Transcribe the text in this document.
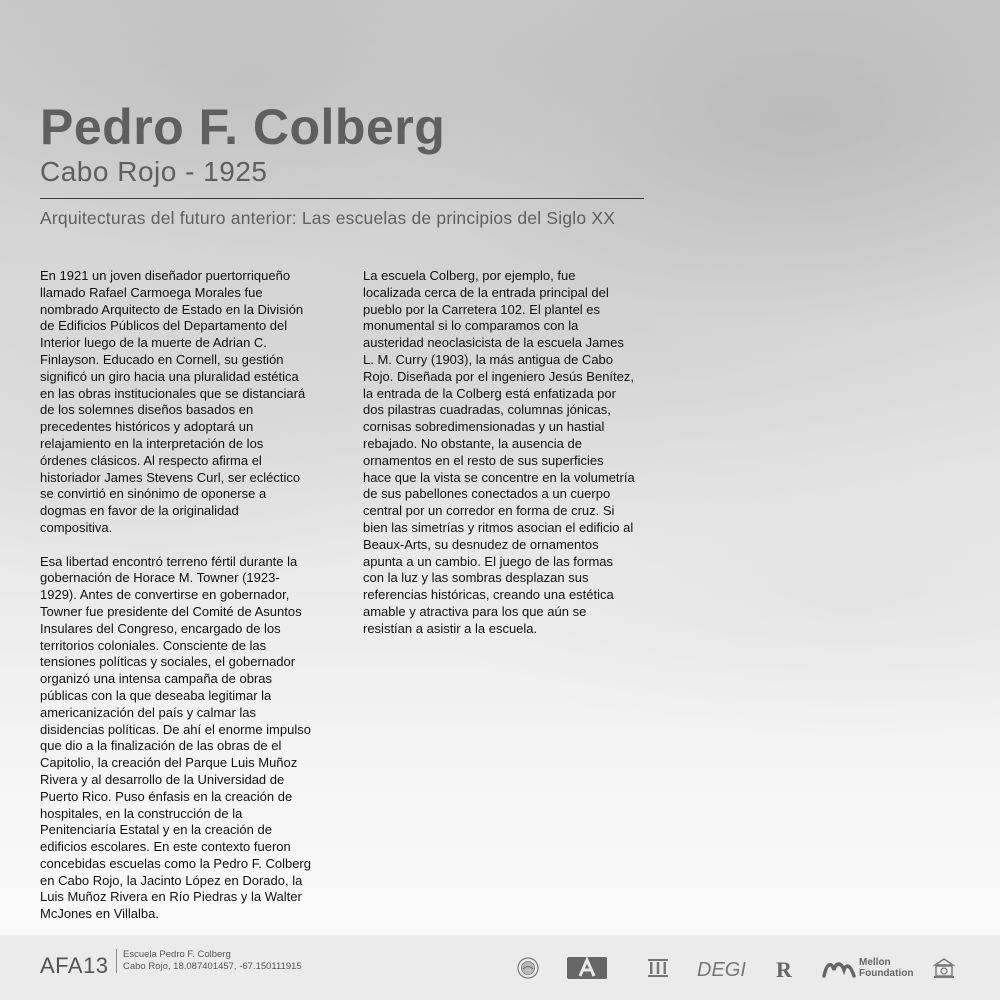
Pedro F. Colberg
Cabo Rojo - 1925
Arquitecturas del futuro anterior: Las escuelas de principios del Siglo XX

En 1921 un joven diseñador puertorriqueño llamado Rafael Carmoega Morales fue nombrado Arquitecto de Estado en la División de Edificios Públicos del Departamento del Interior luego de la muerte de Adrian C. Finlayson. Educado en Cornell, su gestión significó un giro hacia una pluralidad estética en las obras institucionales que se distanciará de los solemnes diseños basados en precedentes históricos y adoptará un relajamiento en la interpretación de los órdenes clásicos. Al respecto afirma el historiador James Stevens Curl, ser ecléctico se convirtió en sinónimo de oponerse a dogmas en favor de la originalidad compositiva.

Esa libertad encontró terreno fértil durante la gobernación de Horace M. Towner (1923-1929). Antes de convertirse en gobernador, Towner fue presidente del Comité de Asuntos Insulares del Congreso, encargado de los territorios coloniales. Consciente de las tensiones políticas y sociales, el gobernador organizó una intensa campaña de obras públicas con la que deseaba legitimar la americanización del país y calmar las disidencias políticas. De ahí el enorme impulso que dio a la finalización de las obras de el Capitolio, la creación del Parque Luis Muñoz Rivera y al desarrollo de la Universidad de Puerto Rico. Puso énfasis en la creación de hospitales, en la construcción de la Penitenciaría Estatal y en la creación de edificios escolares. En este contexto fueron concebidas escuelas como la Pedro F. Colberg en Cabo Rojo, la Jacinto López en Dorado, la Luis Muñoz Rivera en Río Piedras y la Walter McJones en Villalba.

La escuela Colberg, por ejemplo, fue localizada cerca de la entrada principal del pueblo por la Carretera 102. El plantel es monumental si lo comparamos con la austeridad neoclasicista de la escuela James L. M. Curry (1903), la más antigua de Cabo Rojo. Diseñada por el ingeniero Jesús Benítez, la entrada de la Colberg está enfatizada por dos pilastras cuadradas, columnas jónicas, cornisas sobredimensionadas y un hastial rebajado. No obstante, la ausencia de ornamentos en el resto de sus superficies hace que la vista se concentre en la volumetría de sus pabellones conectados a un cuerpo central por un corredor en forma de cruz. Si bien las simetrías y ritmos asocian el edificio al Beaux-Arts, su desnudez de ornamentos apunta a un cambio. El juego de las formas con la luz y las sombras desplazan sus referencias históricas, creando una estética amable y atractiva para los que aún se resistían a asistir a la escuela.

AFA13 Escuela Pedro F. Colberg
Cabo Rojo, 18.087401457, -67.150111915	DEGI R	Mellon
Foundation
